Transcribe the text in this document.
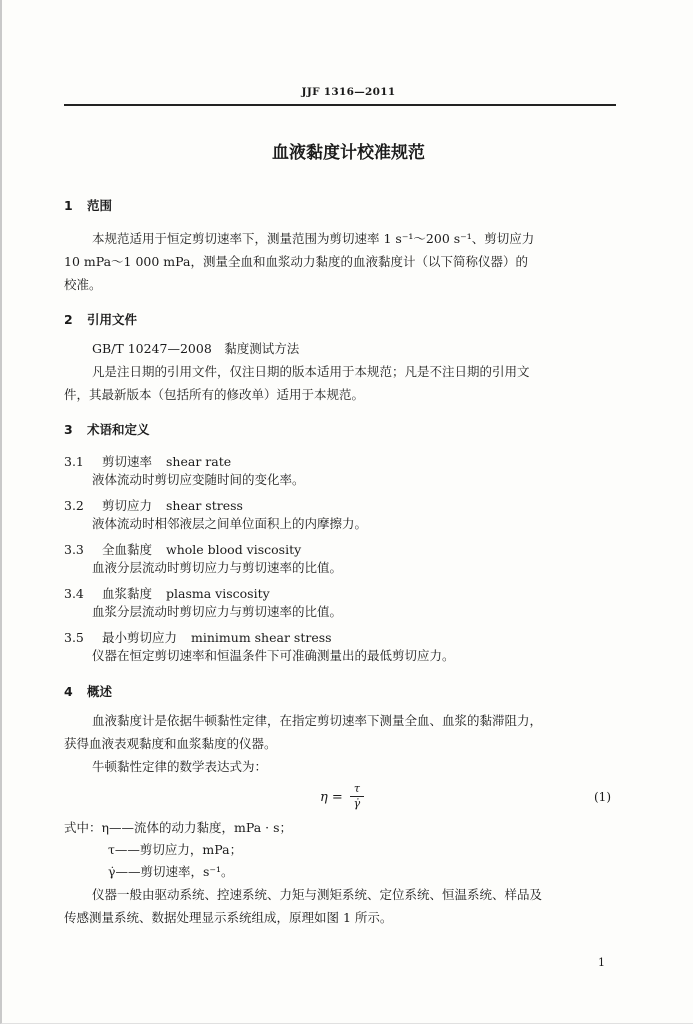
JJF 1316—2011
血液黏度计校准规范
1 范围
本规范适用于恒定剪切速率下，测量范围为剪切速率 1 s⁻¹～200 s⁻¹、剪切应力
10 mPa～1 000 mPa，测量全血和血浆动力黏度的血液黏度计（以下简称仪器）的
校准。
2 引用文件
GB/T 10247—2008　黏度测试方法
凡是注日期的引用文件，仅注日期的版本适用于本规范；凡是不注日期的引用文
件，其最新版本（包括所有的修改单）适用于本规范。
3 术语和定义
3.1 剪切速率 shear rate
液体流动时剪切应变随时间的变化率。
3.2 剪切应力 shear stress
液体流动时相邻液层之间单位面积上的内摩擦力。
3.3 全血黏度 whole blood viscosity
血液分层流动时剪切应力与剪切速率的比值。
3.4 血浆黏度 plasma viscosity
血浆分层流动时剪切应力与剪切速率的比值。
3.5 最小剪切应力 minimum shear stress
仪器在恒定剪切速率和恒温条件下可准确测量出的最低剪切应力。
4 概述
血液黏度计是依据牛顿黏性定律，在指定剪切速率下测量全血、血浆的黏滞阻力，
获得血液表观黏度和血浆黏度的仪器。
牛顿黏性定律的数学表达式为：
$\eta = \frac{\tau}{\gammȧ}$	(1)
式中：η——流体的动力黏度，mPa · s；
τ——剪切应力，mPa；
γ̇——剪切速率，s⁻¹。
仪器一般由驱动系统、控速系统、力矩与测矩系统、定位系统、恒温系统、样品及
传感测量系统、数据处理显示系统组成，原理如图 1 所示。
1
